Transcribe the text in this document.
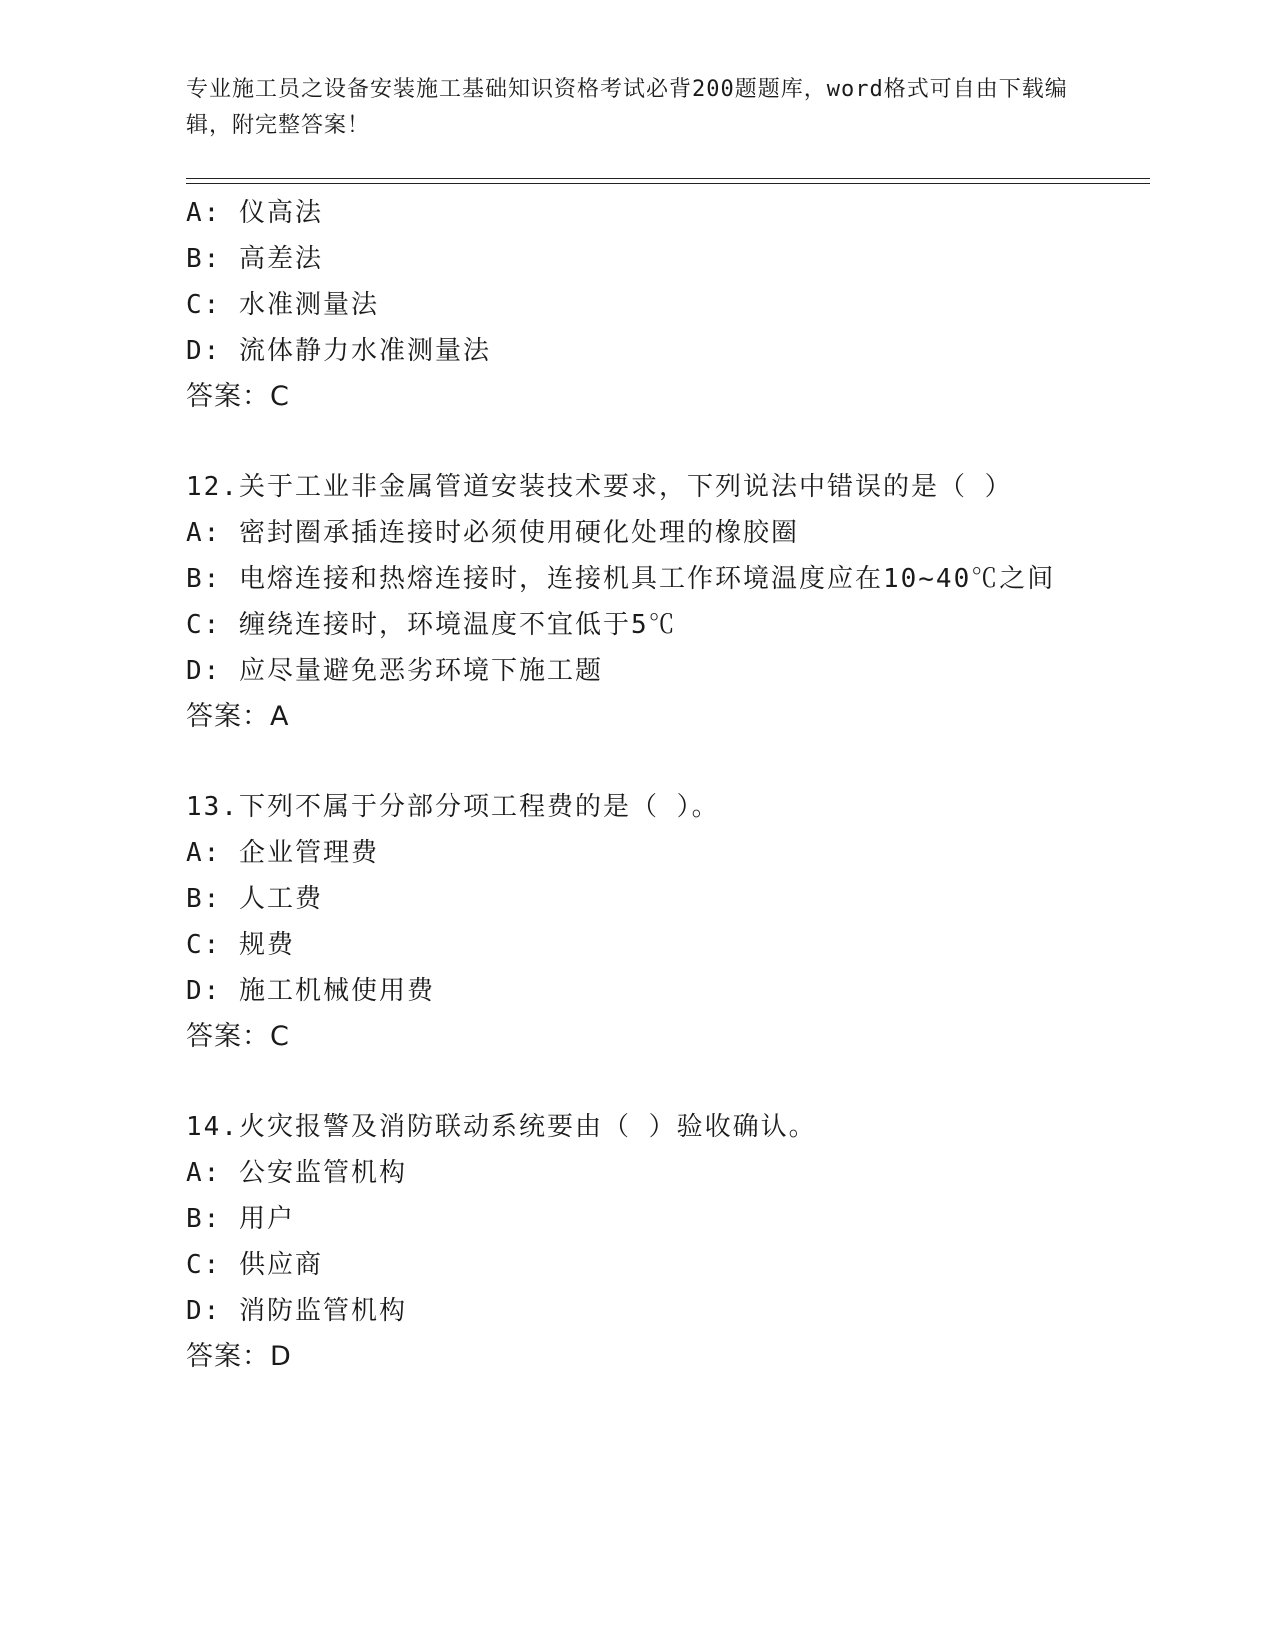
专业施工员之设备安装施工基础知识资格考试必背200题题库，word格式可自由下载编辑，附完整答案！

A: 仪高法
B: 高差法
C: 水准测量法
D: 流体静力水准测量法
答案：C
12.关于工业非金属管道安装技术要求，下列说法中错误的是（ ）
A: 密封圈承插连接时必须使用硬化处理的橡胶圈
B: 电熔连接和热熔连接时，连接机具工作环境温度应在10~40℃之间
C: 缠绕连接时，环境温度不宜低于5℃
D: 应尽量避免恶劣环境下施工题
答案：A
13.下列不属于分部分项工程费的是（ ）。
A: 企业管理费
B: 人工费
C: 规费
D: 施工机械使用费
答案：C
14.火灾报警及消防联动系统要由（ ）验收确认。
A: 公安监管机构
B: 用户
C: 供应商
D: 消防监管机构
答案：D
